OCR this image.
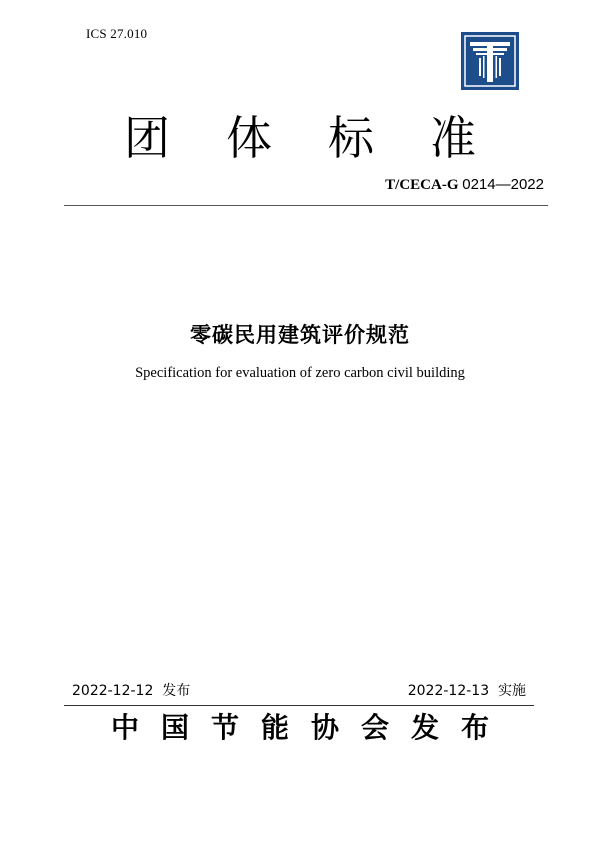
ICS 27.010
团	体	标	准
T/CECA-G 0214—2022
零碳民用建筑评价规范
Specification for evaluation of zero carbon civil building
2022-12-12  发布	2022-12-13  实施
中 国 节 能 协 会 发 布
